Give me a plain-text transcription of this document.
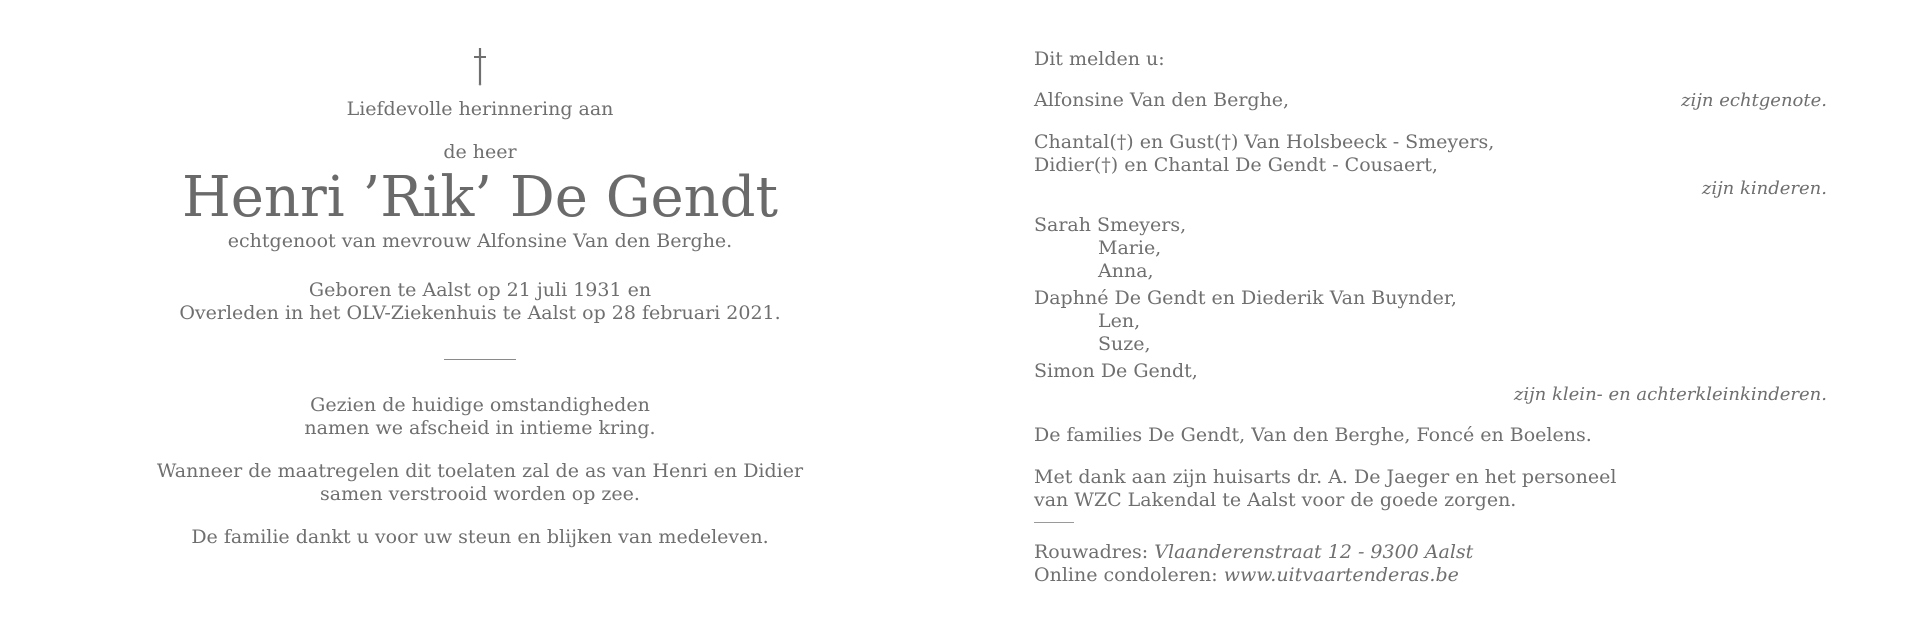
Liefdevolle herinnering aan
de heer
Henri ’Rik’ De Gendt
echtgenoot van mevrouw Alfonsine Van den Berghe.
Geboren te Aalst op 21 juli 1931 en
Overleden in het OLV-Ziekenhuis te Aalst op 28 februari 2021.
Gezien de huidige omstandigheden
namen we afscheid in intieme kring.
Wanneer de maatregelen dit toelaten zal de as van Henri en Didier
samen verstrooid worden op zee.
De familie dankt u voor uw steun en blijken van medeleven.
Dit melden u:
Alfonsine Van den Berghe,	zijn echtgenote.
Chantal(†) en Gust(†) Van Holsbeeck - Smeyers,
Didier(†) en Chantal De Gendt - Cousaert,
zijn kinderen.
Sarah Smeyers,
Marie,
Anna,
Daphné De Gendt en Diederik Van Buynder,
Len,
Suze,
Simon De Gendt,
zijn klein- en achterkleinkinderen.
De families De Gendt, Van den Berghe, Foncé en Boelens.
Met dank aan zijn huisarts dr. A. De Jaeger en het personeel
van WZC Lakendal te Aalst voor de goede zorgen.
Rouwadres: Vlaanderenstraat 12 - 9300 Aalst
Online condoleren: www.uitvaartenderas.be
